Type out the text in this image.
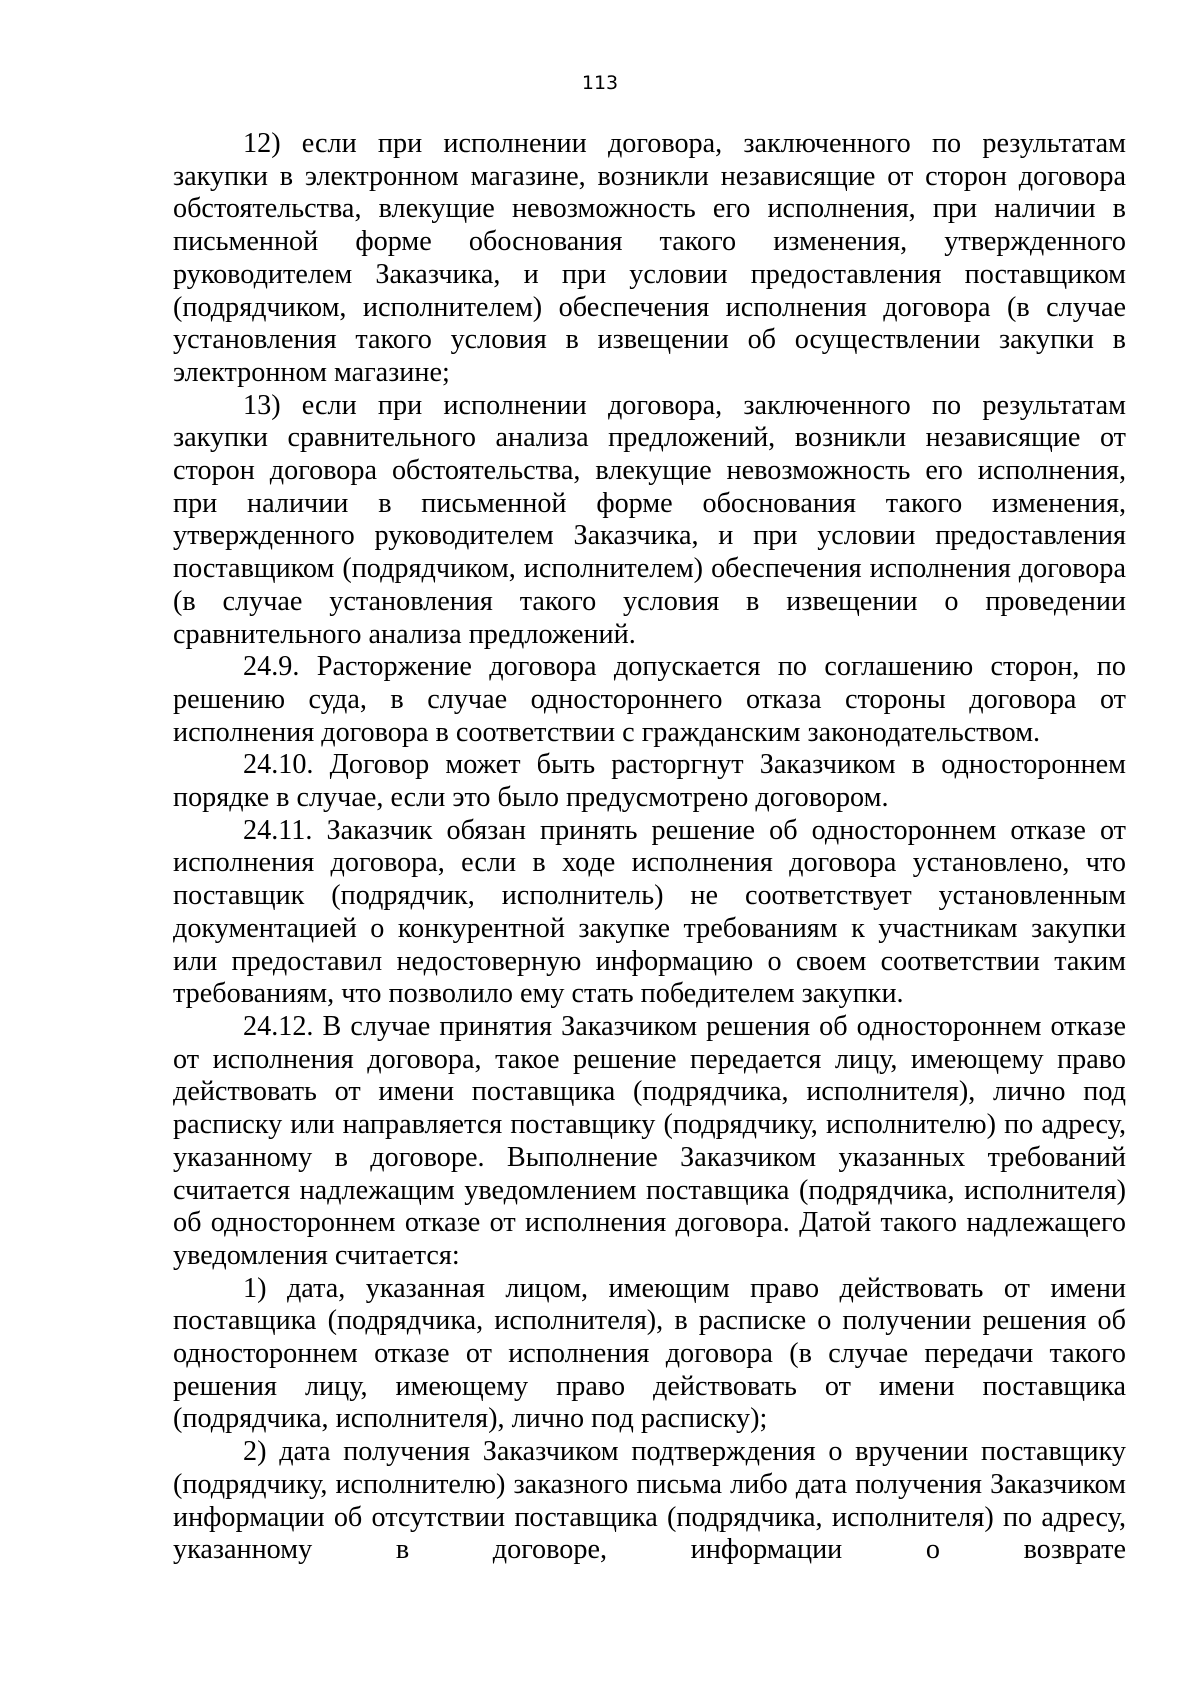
113

12) если при исполнении договора, заключенного по результатам закупки в электронном магазине, возникли независящие от сторон договора обстоятельства, влекущие невозможность его исполнения, при наличии в письменной форме обоснования такого изменения, утвержденного руководителем Заказчика, и при условии предоставления поставщиком (подрядчиком, исполнителем) обеспечения исполнения договора (в случае установления такого условия в извещении об осуществлении закупки в электронном магазине;

13) если при исполнении договора, заключенного по результатам закупки сравнительного анализа предложений, возникли независящие от сторон договора обстоятельства, влекущие невозможность его исполнения, при наличии в письменной форме обоснования такого изменения, утвержденного руководителем Заказчика, и при условии предоставления поставщиком (подрядчиком, исполнителем) обеспечения исполнения договора (в случае установления такого условия в извещении о проведении сравнительного анализа предложений.

24.9. Расторжение договора допускается по соглашению сторон, по решению суда, в случае одностороннего отказа стороны договора от исполнения договора в соответствии с гражданским законодательством.

24.10. Договор может быть расторгнут Заказчиком в одностороннем порядке в случае, если это было предусмотрено договором.

24.11. Заказчик обязан принять решение об одностороннем отказе от исполнения договора, если в ходе исполнения договора установлено, что поставщик (подрядчик, исполнитель) не соответствует установленным документацией о конкурентной закупке требованиям к участникам закупки или предоставил недостоверную информацию о своем соответствии таким требованиям, что позволило ему стать победителем закупки.

24.12. В случае принятия Заказчиком решения об одностороннем отказе от исполнения договора, такое решение передается лицу, имеющему право действовать от имени поставщика (подрядчика, исполнителя), лично под расписку или направляется поставщику (подрядчику, исполнителю) по адресу, указанному в договоре. Выполнение Заказчиком указанных требований считается надлежащим уведомлением поставщика (подрядчика, исполнителя) об одностороннем отказе от исполнения договора. Датой такого надлежащего уведомления считается:

1) дата, указанная лицом, имеющим право действовать от имени поставщика (подрядчика, исполнителя), в расписке о получении решения об одностороннем отказе от исполнения договора (в случае передачи такого решения лицу, имеющему право действовать от имени поставщика (подрядчика, исполнителя), лично под расписку);

2) дата получения Заказчиком подтверждения о вручении поставщику (подрядчику, исполнителю) заказного письма либо дата получения Заказчиком информации об отсутствии поставщика (подрядчика, исполнителя) по адресу, указанному в договоре, информации о возврате
